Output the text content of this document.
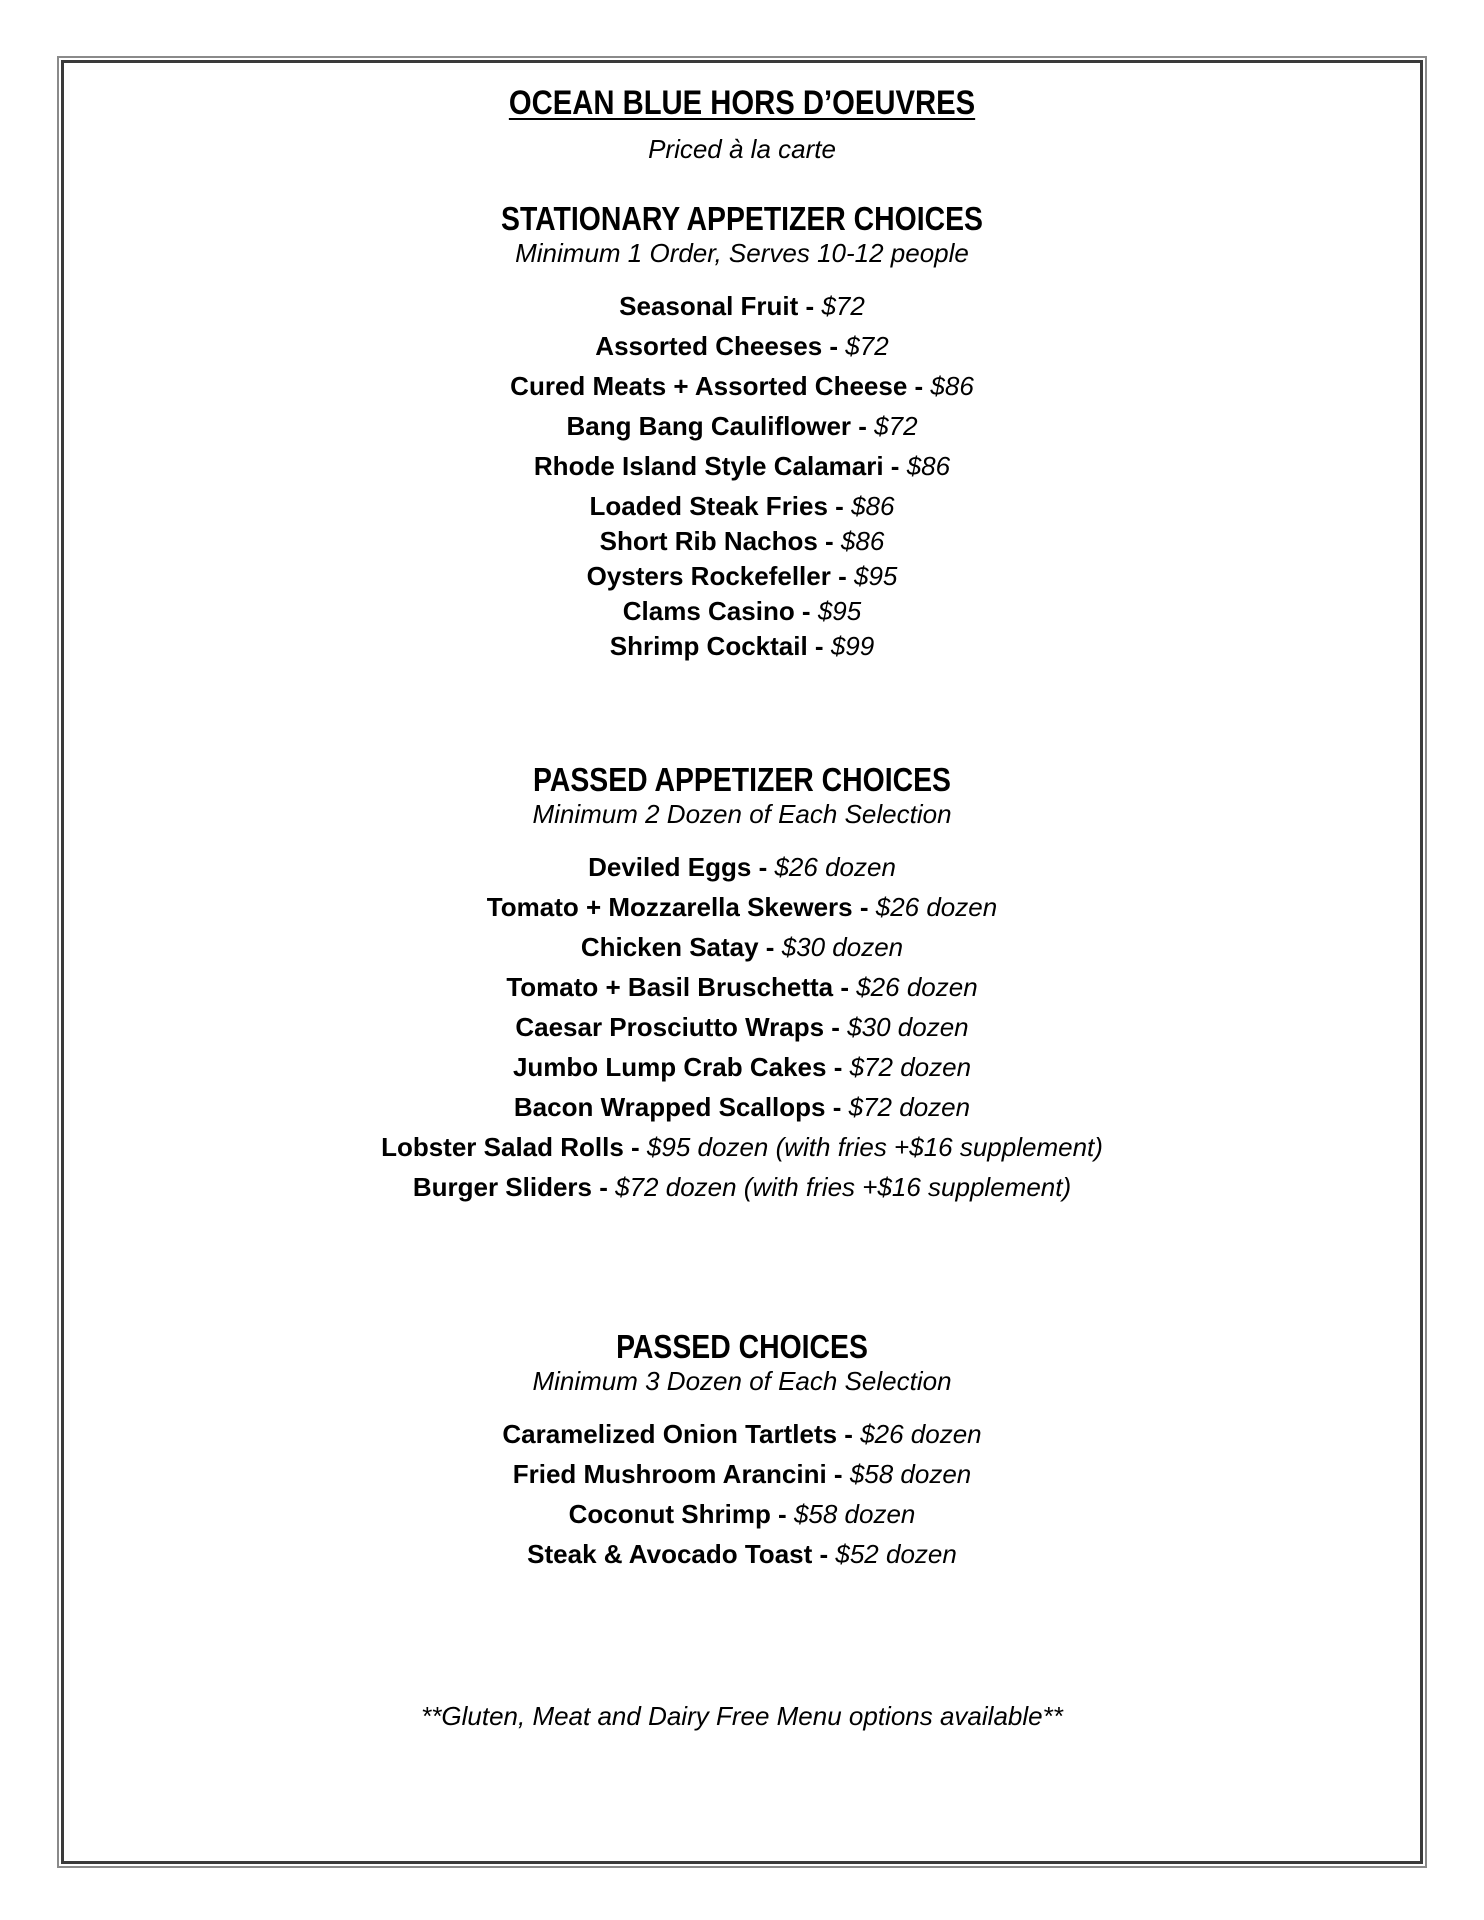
OCEAN BLUE HORS D’OEUVRES
Priced à la carte
STATIONARY APPETIZER CHOICES
Minimum 1 Order, Serves 10-12 people
Seasonal Fruit - $72
Assorted Cheeses - $72
Cured Meats + Assorted Cheese - $86
Bang Bang Cauliflower - $72
Rhode Island Style Calamari - $86
Loaded Steak Fries - $86
Short Rib Nachos - $86
Oysters Rockefeller - $95
Clams Casino - $95
Shrimp Cocktail - $99
PASSED APPETIZER CHOICES
Minimum 2 Dozen of Each Selection
Deviled Eggs - $26 dozen
Tomato + Mozzarella Skewers - $26 dozen
Chicken Satay - $30 dozen
Tomato + Basil Bruschetta - $26 dozen
Caesar Prosciutto Wraps - $30 dozen
Jumbo Lump Crab Cakes - $72 dozen
Bacon Wrapped Scallops - $72 dozen
Lobster Salad Rolls - $95 dozen (with fries +$16 supplement)
Burger Sliders - $72 dozen (with fries +$16 supplement)
PASSED CHOICES
Minimum 3 Dozen of Each Selection
Caramelized Onion Tartlets - $26 dozen
Fried Mushroom Arancini - $58 dozen
Coconut Shrimp - $58 dozen
Steak & Avocado Toast - $52 dozen
**Gluten, Meat and Dairy Free Menu options available**
